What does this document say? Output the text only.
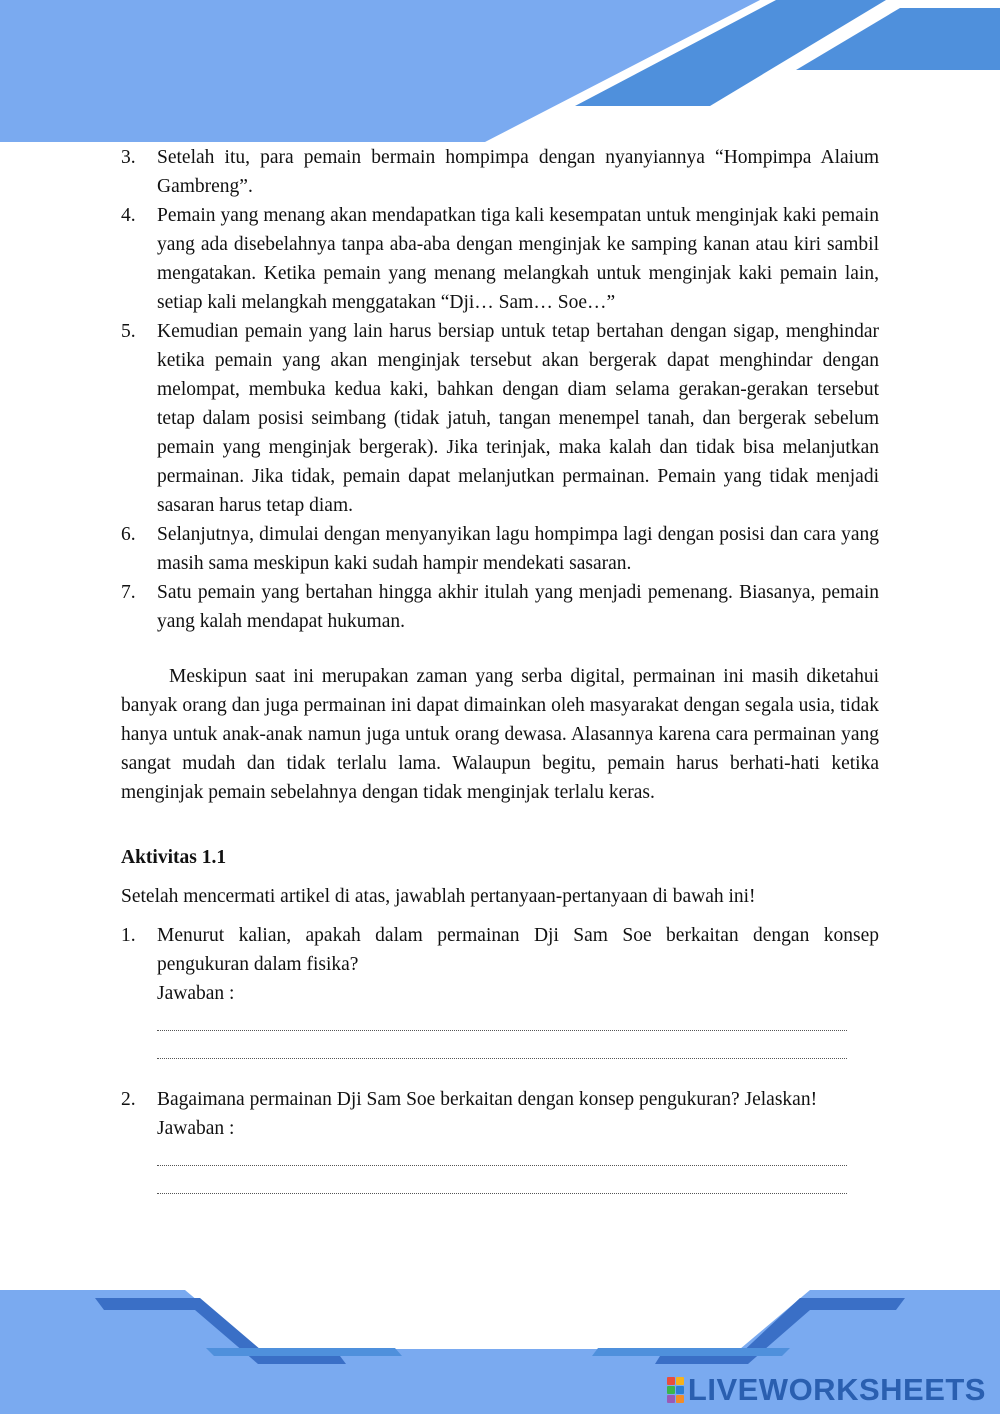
3. Setelah itu, para pemain bermain hompimpa dengan nyanyiannya “Hompimpa Alaium Gambreng”.
4. Pemain yang menang akan mendapatkan tiga kali kesempatan untuk menginjak kaki pemain yang ada disebelahnya tanpa aba-aba dengan menginjak ke samping kanan atau kiri sambil mengatakan. Ketika pemain yang menang melangkah untuk menginjak kaki pemain lain, setiap kali melangkah menggatakan “Dji… Sam… Soe…”
5. Kemudian pemain yang lain harus bersiap untuk tetap bertahan dengan sigap, menghindar ketika pemain yang akan menginjak tersebut akan bergerak dapat menghindar dengan melompat, membuka kedua kaki, bahkan dengan diam selama gerakan-gerakan tersebut tetap dalam posisi seimbang (tidak jatuh, tangan menempel tanah, dan bergerak sebelum pemain yang menginjak bergerak). Jika terinjak, maka kalah dan tidak bisa melanjutkan permainan. Jika tidak, pemain dapat melanjutkan permainan. Pemain yang tidak menjadi sasaran harus tetap diam.
6. Selanjutnya, dimulai dengan menyanyikan lagu hompimpa lagi dengan posisi dan cara yang masih sama meskipun kaki sudah hampir mendekati sasaran.
7. Satu pemain yang bertahan hingga akhir itulah yang menjadi pemenang. Biasanya, pemain yang kalah mendapat hukuman.

Meskipun saat ini merupakan zaman yang serba digital, permainan ini masih diketahui banyak orang dan juga permainan ini dapat dimainkan oleh masyarakat dengan segala usia, tidak hanya untuk anak-anak namun juga untuk orang dewasa. Alasannya karena cara permainan yang sangat mudah dan tidak terlalu lama. Walaupun begitu, pemain harus berhati-hati ketika menginjak pemain sebelahnya dengan tidak menginjak terlalu keras.

Aktivitas 1.1
Setelah mencermati artikel di atas, jawablah pertanyaan-pertanyaan di bawah ini!
1. Menurut kalian, apakah dalam permainan Dji Sam Soe berkaitan dengan konsep pengukuran dalam fisika?
Jawaban :
2. Bagaimana permainan Dji Sam Soe berkaitan dengan konsep pengukuran? Jelaskan!
Jawaban :
LIVEWORKSHEETS
